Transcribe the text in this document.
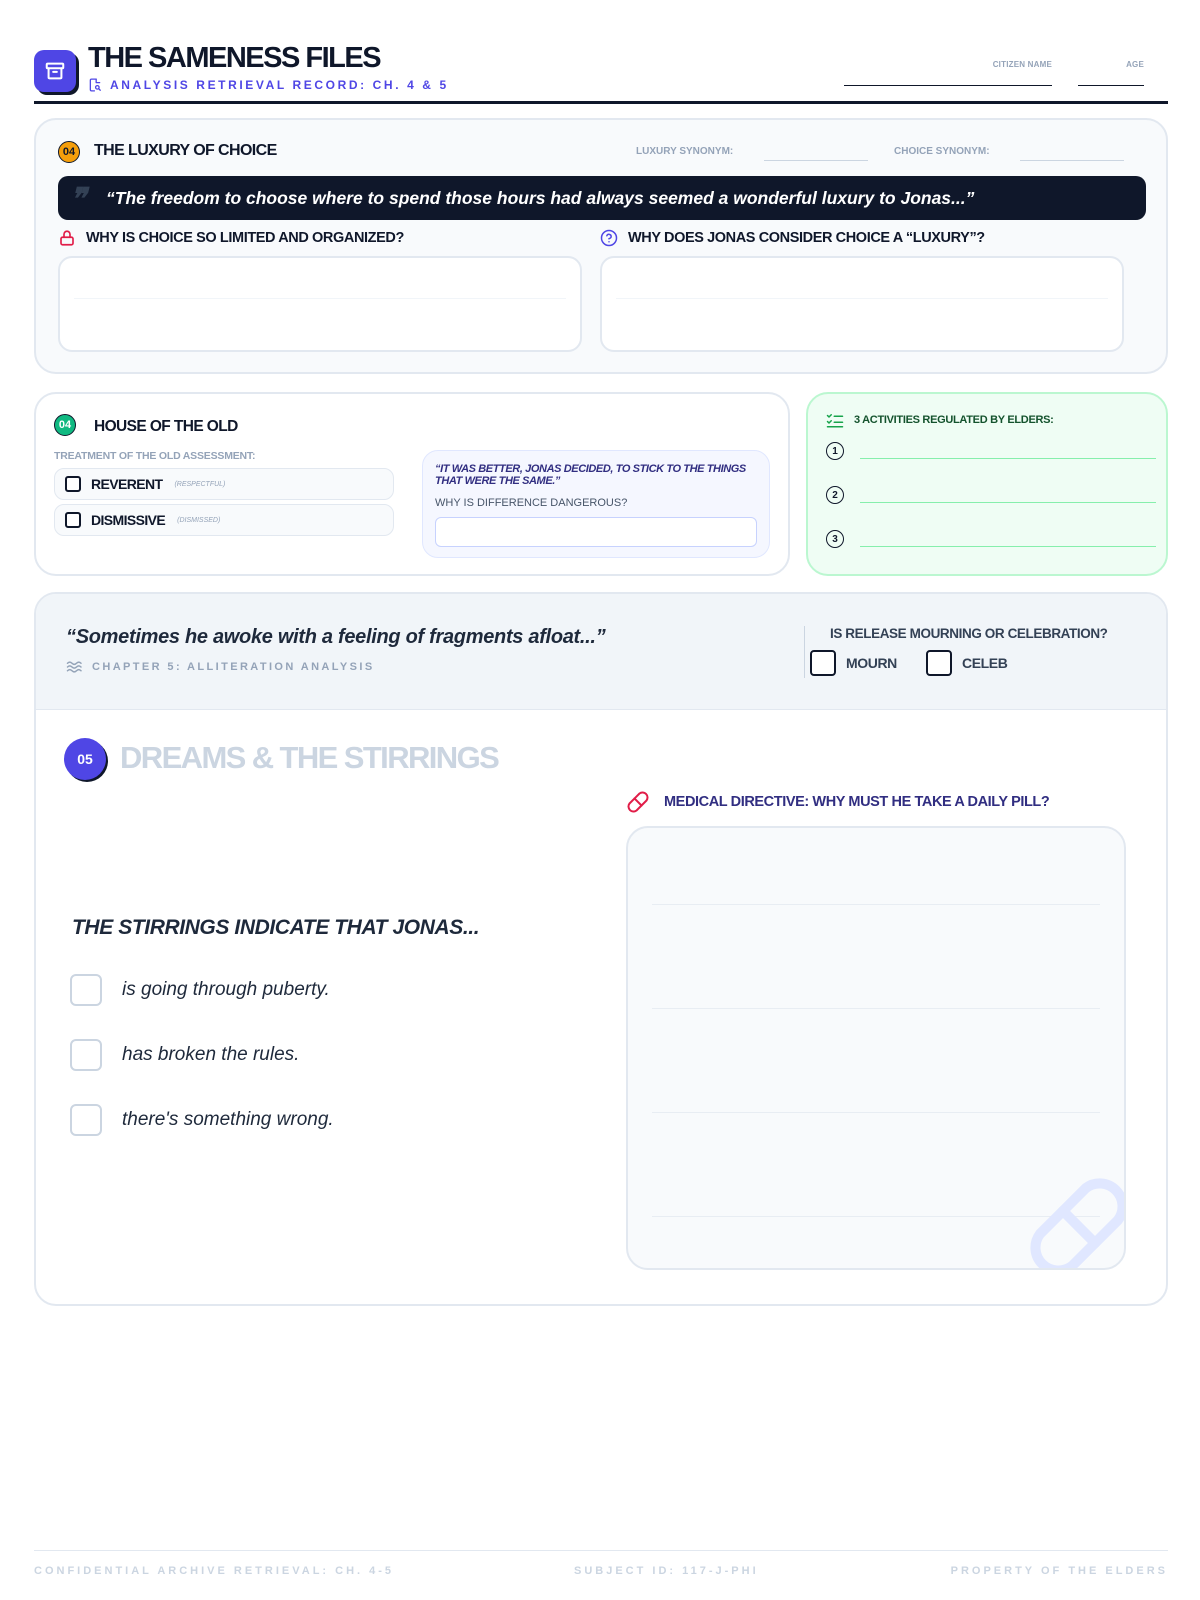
THE SAMENESS FILES
ANALYSIS RETRIEVAL RECORD: CH. 4 & 5
CITIZEN NAME	AGE
04	THE LUXURY OF CHOICE	LUXURY SYNONYM:	CHOICE SYNONYM:
❞ “The freedom to choose where to spend those hours had always seemed a wonderful luxury to Jonas...”
WHY IS CHOICE SO LIMITED AND ORGANIZED?	WHY DOES JONAS CONSIDER CHOICE A “LUXURY”?
04	HOUSE OF THE OLD
TREATMENT OF THE OLD ASSESSMENT:
REVERENT (RESPECTFUL)
DISMISSIVE (DISMISSED)
“IT WAS BETTER, JONAS DECIDED, TO STICK TO THE THINGS THAT WERE THE SAME.”
WHY IS DIFFERENCE DANGEROUS?
3 ACTIVITIES REGULATED BY ELDERS:
1
2
3
“Sometimes he awoke with a feeling of fragments afloat...”
CHAPTER 5: ALLITERATION ANALYSIS
IS RELEASE MOURNING OR CELEBRATION?
MOURN	CELEB
05 DREAMS & THE STIRRINGS
THE STIRRINGS INDICATE THAT JONAS...
is going through puberty.
has broken the rules.
there's something wrong.
MEDICAL DIRECTIVE: WHY MUST HE TAKE A DAILY PILL?
CONFIDENTIAL ARCHIVE RETRIEVAL: CH. 4-5	SUBJECT ID: 117-J-PHI	PROPERTY OF THE ELDERS
